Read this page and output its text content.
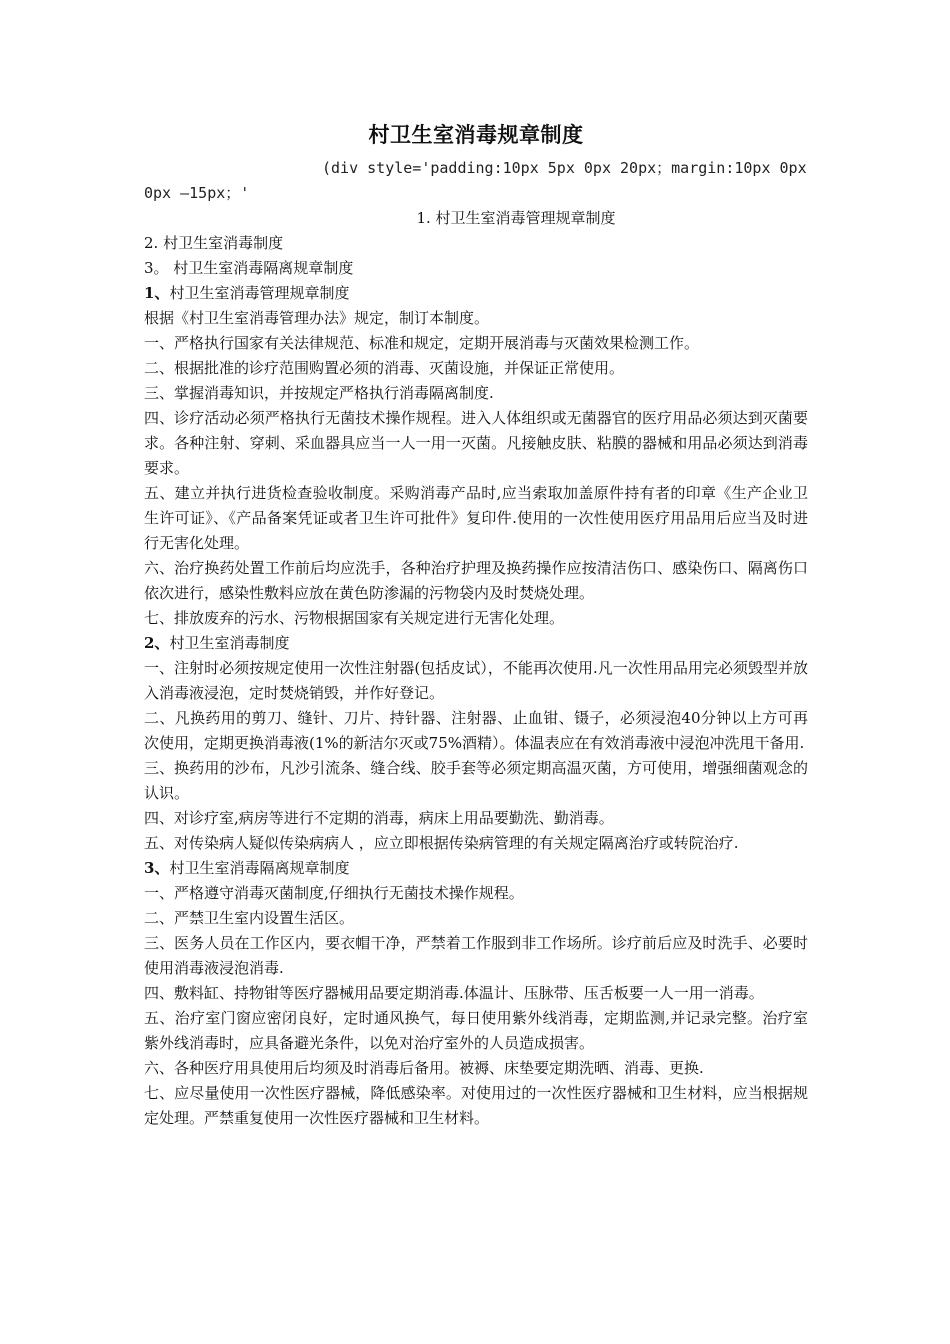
村卫生室消毒规章制度
(div style='padding:10px 5px 0px 20px；margin:10px 0px
0px —15px；'
1. 村卫生室消毒管理规章制度
2. 村卫生室消毒制度
3。 村卫生室消毒隔离规章制度
1、村卫生室消毒管理规章制度

根据《村卫生室消毒管理办法》规定，制订本制度。

一、严格执行国家有关法律规范、标准和规定，定期开展消毒与灭菌效果检测工作。

二、根据批准的诊疗范围购置必须的消毒、灭菌设施，并保证正常使用。

三、掌握消毒知识，并按规定严格执行消毒隔离制度.

四、诊疗活动必须严格执行无菌技术操作规程。进入人体组织或无菌器官的医疗用品必须达到灭菌要求。各种注射、穿刺、采血器具应当一人一用一灭菌。凡接触皮肤、粘膜的器械和用品必须达到消毒要求。

五、建立并执行进货检查验收制度。采购消毒产品时,应当索取加盖原件持有者的印章《生产企业卫生许可证》、《产品备案凭证或者卫生许可批件》复印件.使用的一次性使用医疗用品用后应当及时进行无害化处理。

六、治疗换药处置工作前后均应洗手，各种治疗护理及换药操作应按清洁伤口、感染伤口、隔离伤口依次进行，感染性敷料应放在黄色防渗漏的污物袋内及时焚烧处理。

七、排放废弃的污水、污物根据国家有关规定进行无害化处理。

2、村卫生室消毒制度

一、注射时必须按规定使用一次性注射器(包括皮试），不能再次使用.凡一次性用品用完必须毁型并放入消毒液浸泡，定时焚烧销毁，并作好登记。

二、凡换药用的剪刀、缝针、刀片、持针器、注射器、止血钳、镊子，必须浸泡40分钟以上方可再次使用，定期更换消毒液(1%的新洁尔灭或75%酒精）。体温表应在有效消毒液中浸泡冲洗甩干备用.

三、换药用的沙布，凡沙引流条、缝合线、胶手套等必须定期高温灭菌，方可使用，增强细菌观念的认识。

四、对诊疗室,病房等进行不定期的消毒，病床上用品要勤洗、勤消毒。

五、对传染病人疑似传染病病人 ，应立即根据传染病管理的有关规定隔离治疗或转院治疗.

3、村卫生室消毒隔离规章制度

一、严格遵守消毒灭菌制度,仔细执行无菌技术操作规程。

二、严禁卫生室内设置生活区。

三、医务人员在工作区内，要衣帽干净，严禁着工作服到非工作场所。诊疗前后应及时洗手、必要时使用消毒液浸泡消毒.

四、敷料缸、持物钳等医疗器械用品要定期消毒.体温计、压脉带、压舌板要一人一用一消毒。

五、治疗室门窗应密闭良好，定时通风换气，每日使用紫外线消毒，定期监测,并记录完整。治疗室紫外线消毒时，应具备避光条件，以免对治疗室外的人员造成损害。

六、各种医疗用具使用后均须及时消毒后备用。被褥、床垫要定期洗晒、消毒、更换.

七、应尽量使用一次性医疗器械，降低感染率。对使用过的一次性医疗器械和卫生材料，应当根据规定处理。严禁重复使用一次性医疗器械和卫生材料。
